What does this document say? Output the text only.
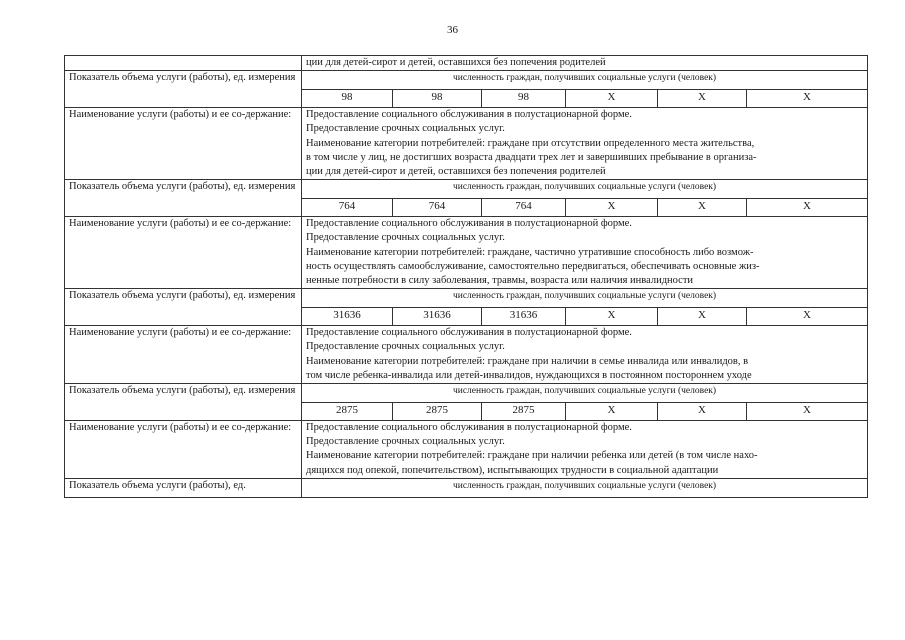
36

	ции для детей-сирот и детей, оставшихся без попечения родителей					

Показатель объема услуги (работы), ед. измерения	численность граждан, получивших социальные услуги (человек)					
	98	98	98	X	X	X
Наименование услуги (работы) и ее со-держание:	Предоставление социального обслуживания в полустационарной форме.
Предоставление срочных социальных услуг.
Наименование категории потребителей: граждане при отсутствии определенного места жительства,
в том числе у лиц, не достигших возраста двадцати трех лет и завершивших пребывание в организа-
ции для детей-сирот и детей, оставшихся без попечения родителей					

Показатель объема услуги (работы), ед. измерения	численность граждан, получивших социальные услуги (человек)					
	764	764	764	X	X	X
Наименование услуги (работы) и ее со-держание:	Предоставление социального обслуживания в полустационарной форме.
Предоставление срочных социальных услуг.
Наименование категории потребителей: граждане, частично утратившие способность либо возмож-
ность осуществлять самообслуживание, самостоятельно передвигаться, обеспечивать основные жиз-
ненные потребности в силу заболевания, травмы, возраста или наличия инвалидности					

Показатель объема услуги (работы), ед. измерения	численность граждан, получивших социальные услуги (человек)					
	31636	31636	31636	X	X	X
Наименование услуги (работы) и ее со-держание:	Предоставление социального обслуживания в полустационарной форме.
Предоставление срочных социальных услуг.
Наименование категории потребителей: граждане при наличии в семье инвалида или инвалидов, в
том числе ребенка-инвалида или детей-инвалидов, нуждающихся в постоянном постороннем уходе					

Показатель объема услуги (работы), ед. измерения	численность граждан, получивших социальные услуги (человек)					
	2875	2875	2875	X	X	X
Наименование услуги (работы) и ее со-держание:	Предоставление социального обслуживания в полустационарной форме.
Предоставление срочных социальных услуг.
Наименование категории потребителей: граждане при наличии ребенка или детей (в том числе нахо-
дящихся под опекой, попечительством), испытывающих трудности в социальной адаптации					

Показатель объема услуги (работы), ед.	численность граждан, получивших социальные услуги (человек)					
